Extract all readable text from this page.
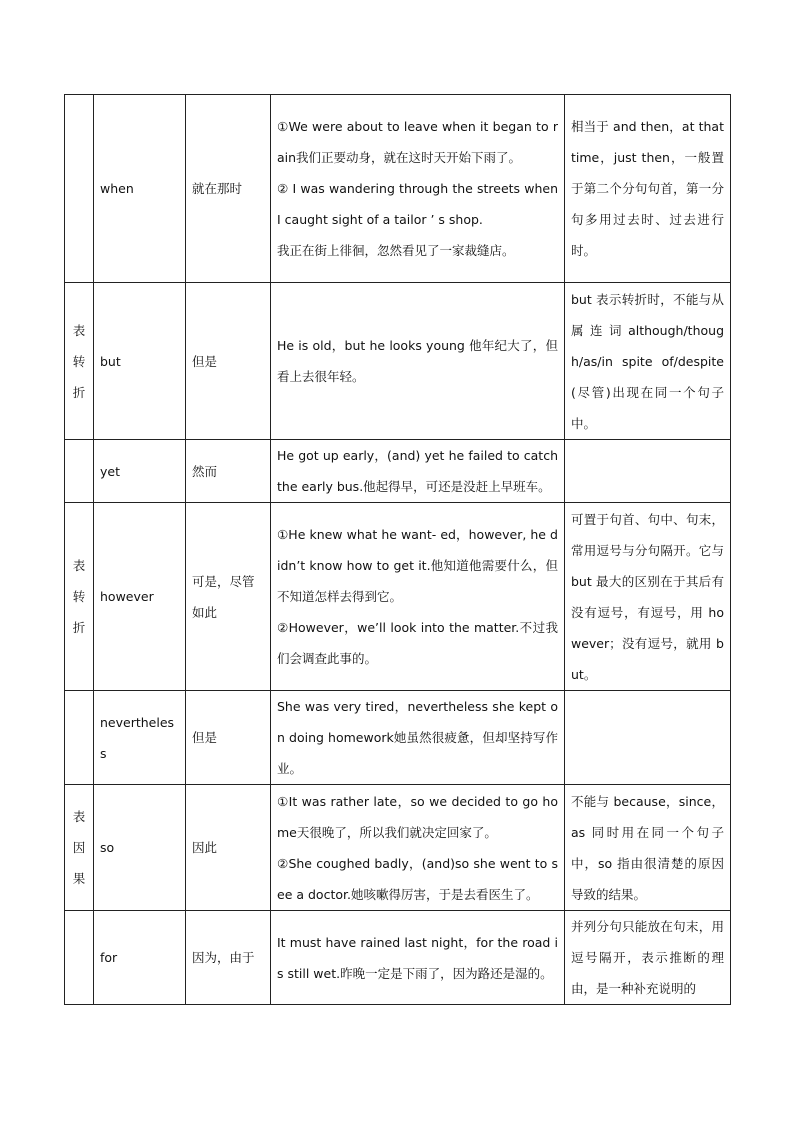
	when	就在那时	①We were about to leave when it began to rain我们正要动身，就在这时天开始下雨了。
② I was wandering through the streets when I caught sight of a tailor ’ s shop.
我正在街上徘徊，忽然看见了一家裁缝店。	相当于 and then，at that time，just then，一般置于第二个分句句首，第一分句多用过去时、过去进行时。
表转折	but	但是	He is old，but he looks young 他年纪大了，但看上去很年轻。	but 表示转折时，不能与从 属 连 词 although/though/as/in spite of/despite(尽管)出现在同一个句子中。
	yet	然而	He got up early，(and) yet he failed to catch the early bus.他起得早，可还是没赶上早班车。	

表转折	however	可是，尽管如此	①He knew what he want- ed，however, he didn’t know how to get it.他知道他需要什么，但不知道怎样去得到它。
②However，we’ll look into the matter.不过我们会调查此事的。	可置于句首、句中、句末，常用逗号与分句隔开。它与 but 最大的区别在于其后有没有逗号，有逗号，用 however；没有逗号，就用 but。
	nevertheless	但是	She was very tired，nevertheless she kept on doing homework她虽然很疲惫，但却坚持写作业。	

表因果	so	因此	①It was rather late，so we decided to go home天很晚了，所以我们就决定回家了。
②She coughed badly，(and)so she went to see a doctor.她咳嗽得厉害，于是去看医生了。	不能与 because，since，as 同时用在同一个句子中，so 指由很清楚的原因导致的结果。
	for	因为，由于	It must have rained last night，for the road is still wet.昨晚一定是下雨了，因为路还是湿的。	并列分句只能放在句末，用逗号隔开，表示推断的理由，是一种补充说明的
